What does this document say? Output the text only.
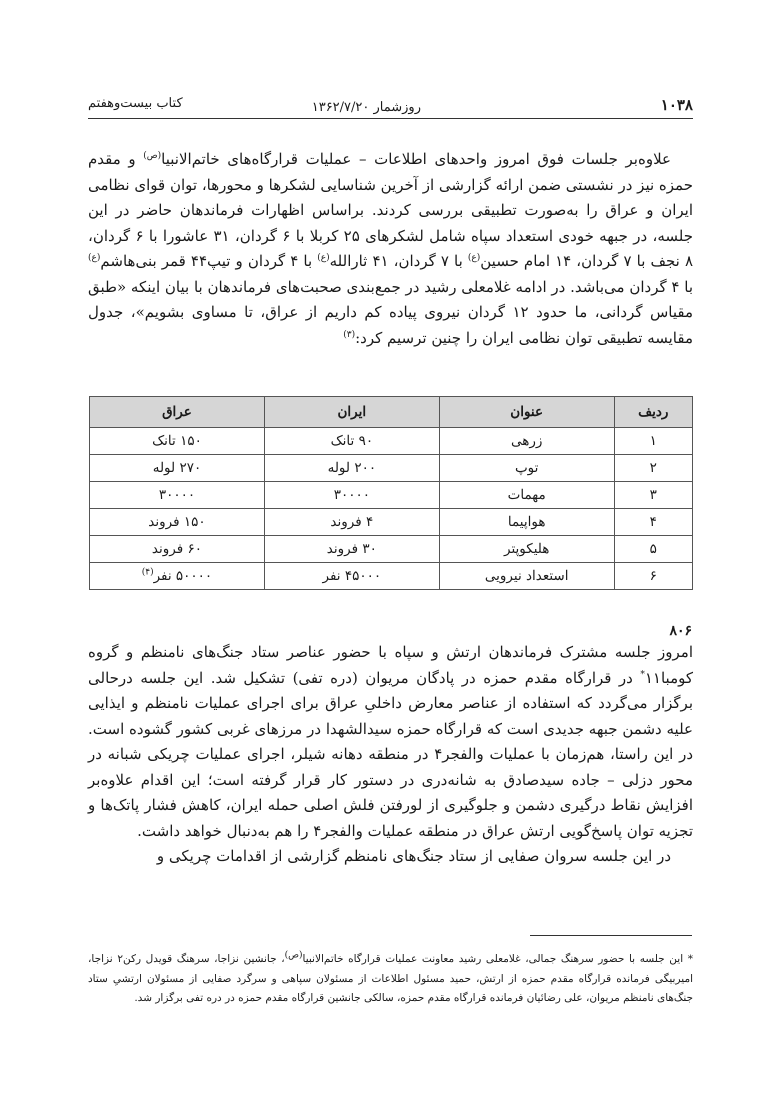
۱۰۳۸
روزشمار ۱۳۶۲/۷/۲۰
کتاب بیست‌وهفتم

علاوه‌بر جلسات فوق امروز واحدهای اطلاعات – عملیات قرارگاه‌های خاتم‌الانبیا$^{(ص)}$ و مقدم حمزه نیز در نشستی ضمن ارائه گزارشی از آخرین شناسایی لشکرها و محورها، توان قوای نظامی ایران و عراق را به‌صورت تطبیقی بررسی کردند. براساس اظهارات فرماندهان حاضر در این جلسه، در جبهه خودی استعداد سپاه شامل لشکرهای ۲۵ کربلا با ۶ گردان، ۳۱ عاشورا با ۶ گردان، ۸ نجف با ۷ گردان، ۱۴ امام حسین$^{(ع)}$ با ۷ گردان، ۴۱ ثارالله$^{(ع)}$ با ۴ گردان و تیپ۴۴ قمر بنی‌هاشم$^{(ع)}$ با ۴ گردان می‌باشد. در ادامه غلامعلی رشید در جمع‌بندی صحبت‌های فرماندهان با بیان اینکه «طبق مقیاس گردانی، ما حدود ۱۲ گردان نیروی پیاده کم داریم از عراق، تا مساوی بشویم»، جدول مقایسه تطبیقی توان نظامی ایران را چنین ترسیم کرد:$^{(۳)}$

ردیف	عنوان	ایران	عراق
۱	زرهی	۹۰ تانک	۱۵۰ تانک
۲	توپ	۲۰۰ لوله	۲۷۰ لوله
۳	مهمات	۳۰۰۰۰	۳۰۰۰۰
۴	هواپیما	۴ فروند	۱۵۰ فروند
۵	هلیکوپتر	۳۰ فروند	۶۰ فروند
۶	استعداد نیرویی	۴۵۰۰۰ نفر	۵۰۰۰۰ نفر$^{(۴)}$
۸۰۶

امروز جلسه مشترک فرماندهان ارتش و سپاه با حضور عناصر ستاد جنگ‌های نامنظم و گروه کومبا۱۱* در قرارگاه مقدم حمزه در پادگان مریوان (دره تفی) تشکیل شد. این جلسه درحالی برگزار می‌گردد که استفاده از عناصر معارض داخلیِ عراق برای اجرای عملیات نامنظم و ایذایی علیه دشمن جبهه جدیدی است که قرارگاه حمزه سیدالشهدا در مرزهای غربی کشور گشوده است. در این راستا، هم‌زمان با عملیات والفجر۴ در منطقه دهانه شیلر، اجرای عملیات چریکی شبانه در محور دزلی – جاده سیدصادق به شانه‌دری در دستور کار قرار گرفته است؛ این اقدام علاوه‌بر افزایش نقاط درگیری دشمن و جلوگیری از لورفتن فلش اصلی حمله ایران، کاهش فشار پاتک‌ها و تجزیه توان پاسخ‌گویی ارتش عراق در منطقه عملیات والفجر۴ را هم به‌دنبال خواهد داشت.

در این جلسه سروان صفایی از ستاد جنگ‌های نامنظم گزارشی از اقدامات چریکی و

* این جلسه با حضور سرهنگ جمالی، غلامعلی رشید معاونت عملیات قرارگاه خاتم‌الانبیا$^{(ص)}$، جانشین نزاجا، سرهنگ قویدل رکن۲ نزاجا، امیربیگی فرمانده قرارگاه مقدم حمزه از ارتش، حمید مسئول اطلاعات از مسئولان سپاهی و سرگرد صفایی از مسئولان ارتشیِ ستاد جنگ‌های نامنظم مریوان، علی رضائیان فرمانده قرارگاه مقدم حمزه، سالکی جانشین قرارگاه مقدم حمزه در دره تفی برگزار شد.
